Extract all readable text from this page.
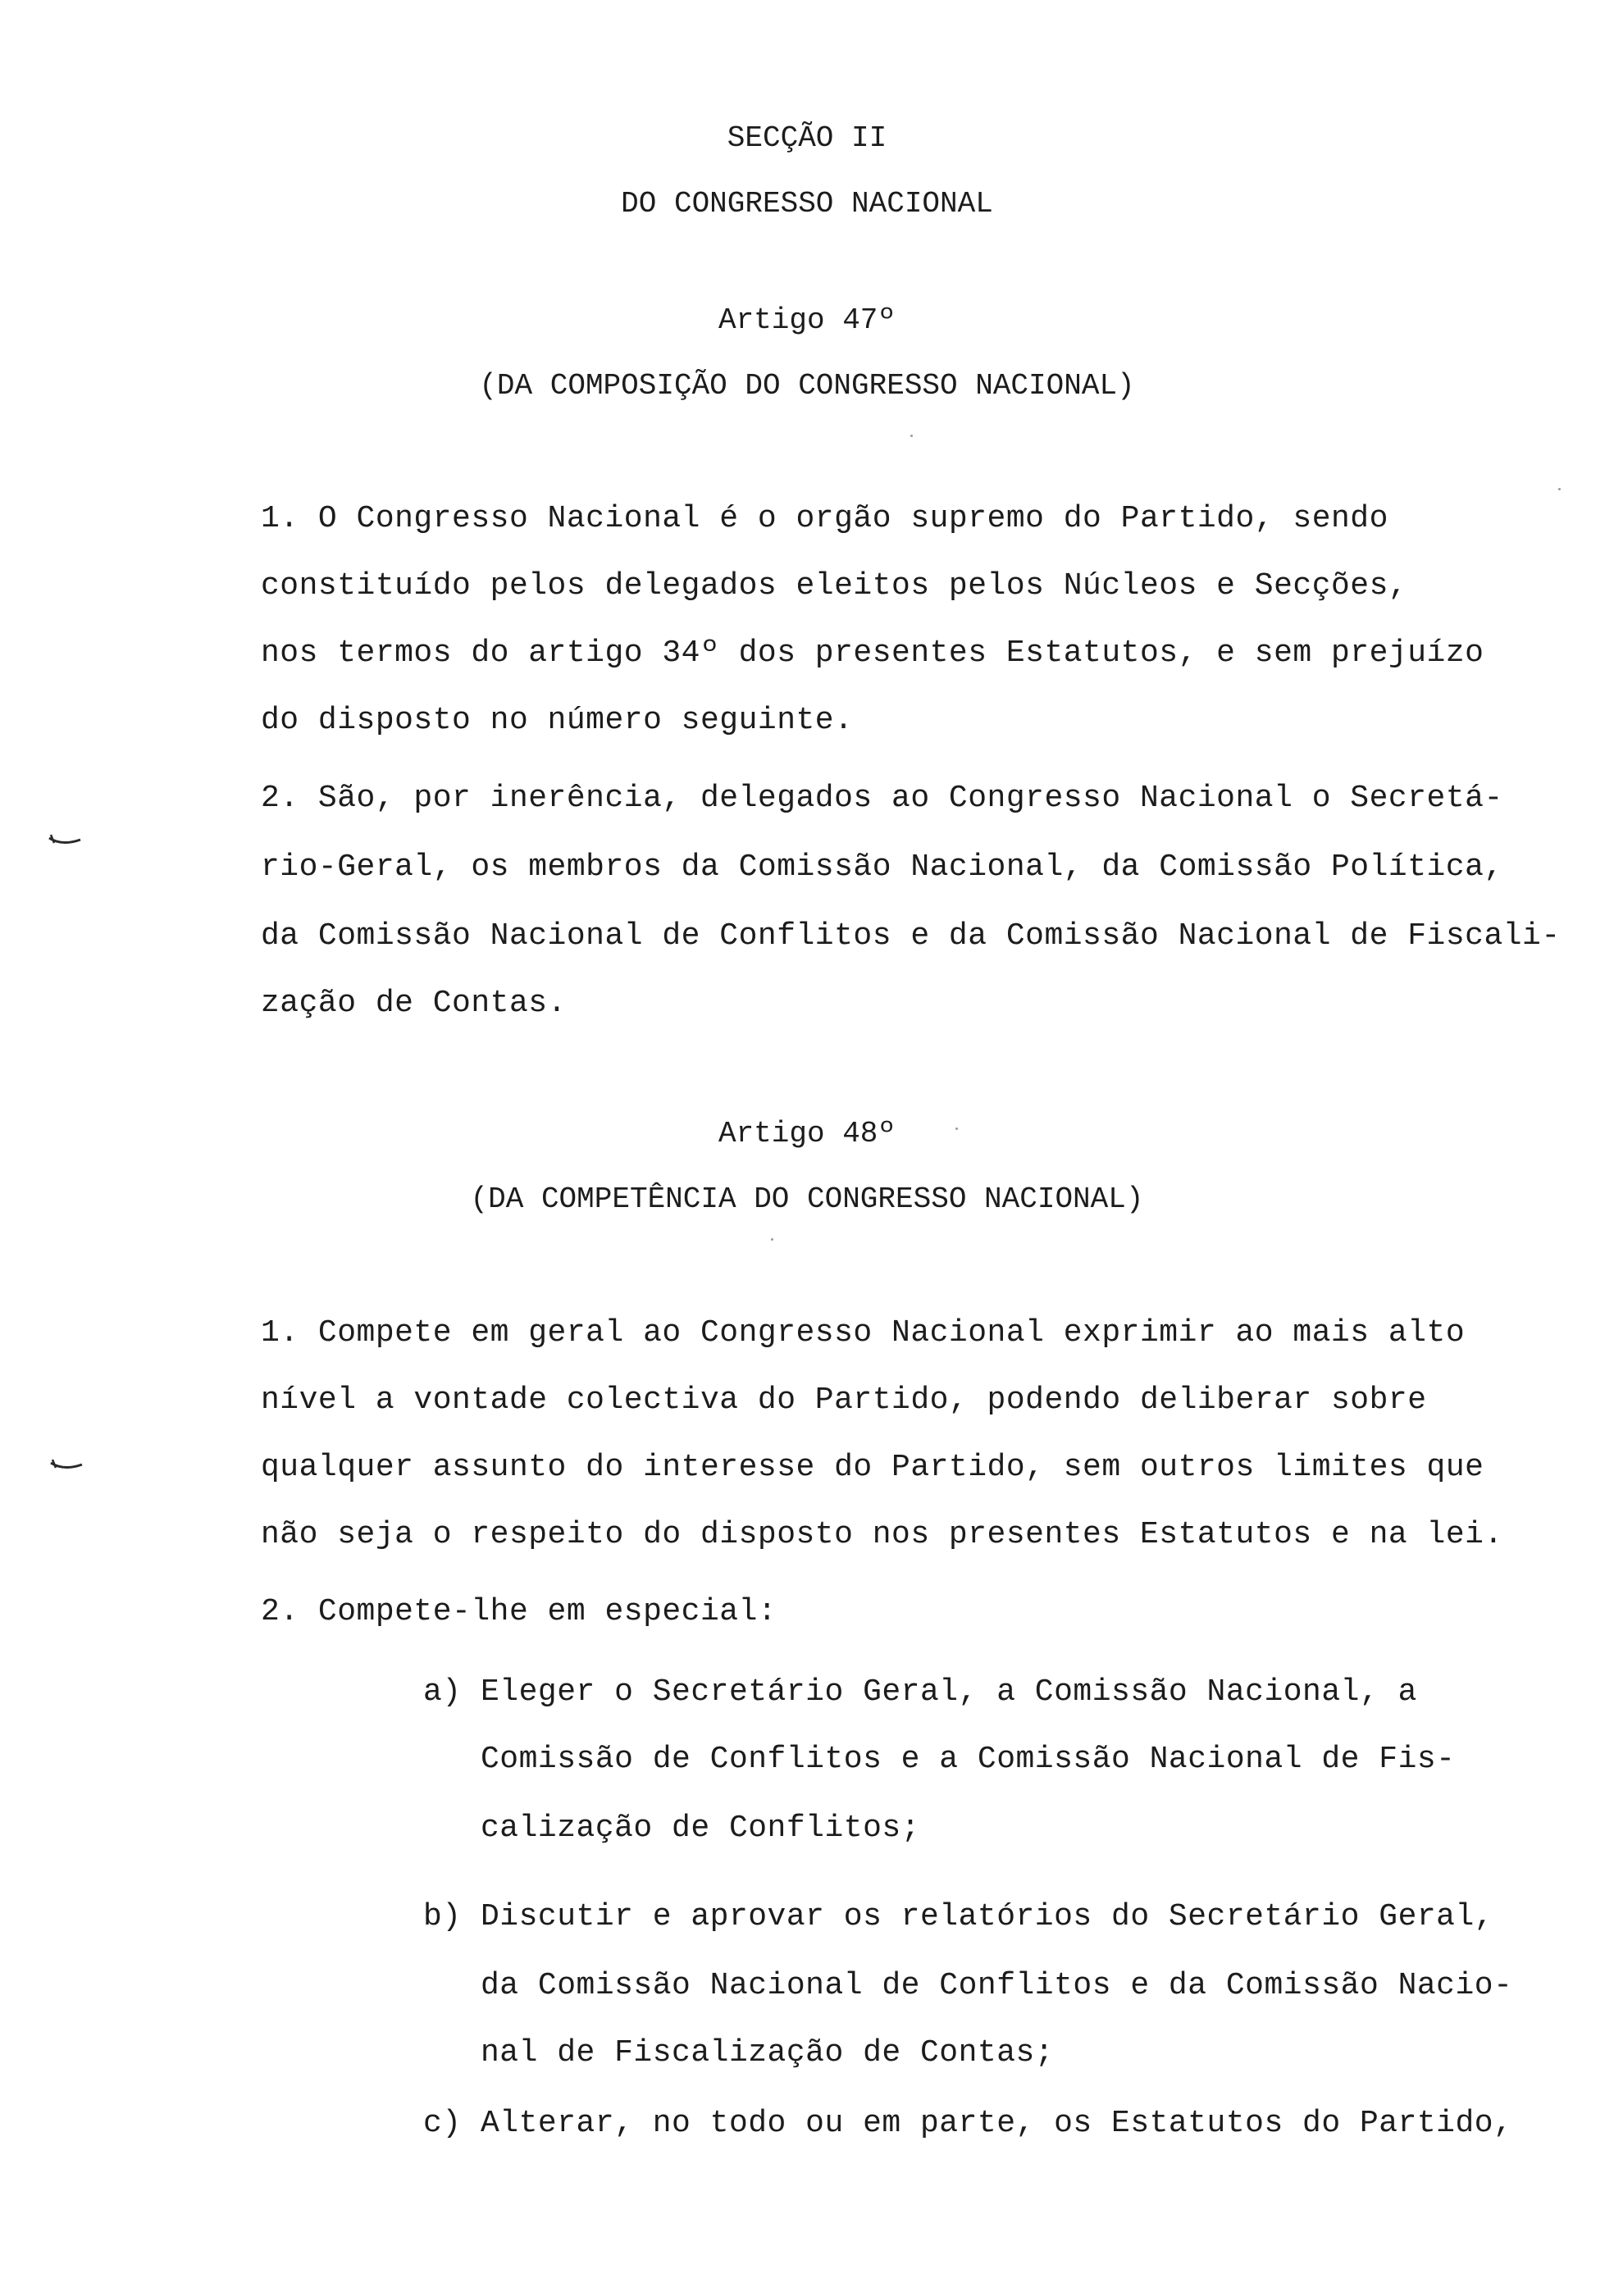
SECÇÃO II
DO CONGRESSO NACIONAL
Artigo 47º
(DA COMPOSIÇÃO DO CONGRESSO NACIONAL)
1. O Congresso Nacional é o orgão supremo do Partido, sendo
constituído pelos delegados eleitos pelos Núcleos e Secções,
nos termos do artigo 34º dos presentes Estatutos, e sem prejuízo
do disposto no número seguinte.
2. São, por inerência, delegados ao Congresso Nacional o Secretá-
rio-Geral, os membros da Comissão Nacional, da Comissão Política,
da Comissão Nacional de Conflitos e da Comissão Nacional de Fiscali-
zação de Contas.
Artigo 48º
(DA COMPETÊNCIA DO CONGRESSO NACIONAL)
1. Compete em geral ao Congresso Nacional exprimir ao mais alto
nível a vontade colectiva do Partido, podendo deliberar sobre
qualquer assunto do interesse do Partido, sem outros limites que
não seja o respeito do disposto nos presentes Estatutos e na lei.
2. Compete-lhe em especial:
a) Eleger o Secretário Geral, a Comissão Nacional, a
Comissão de Conflitos e a Comissão Nacional de Fis-
calização de Conflitos;
b) Discutir e aprovar os relatórios do Secretário Geral,
da Comissão Nacional de Conflitos e da Comissão Nacio-
nal de Fiscalização de Contas;
c) Alterar, no todo ou em parte, os Estatutos do Partido,
